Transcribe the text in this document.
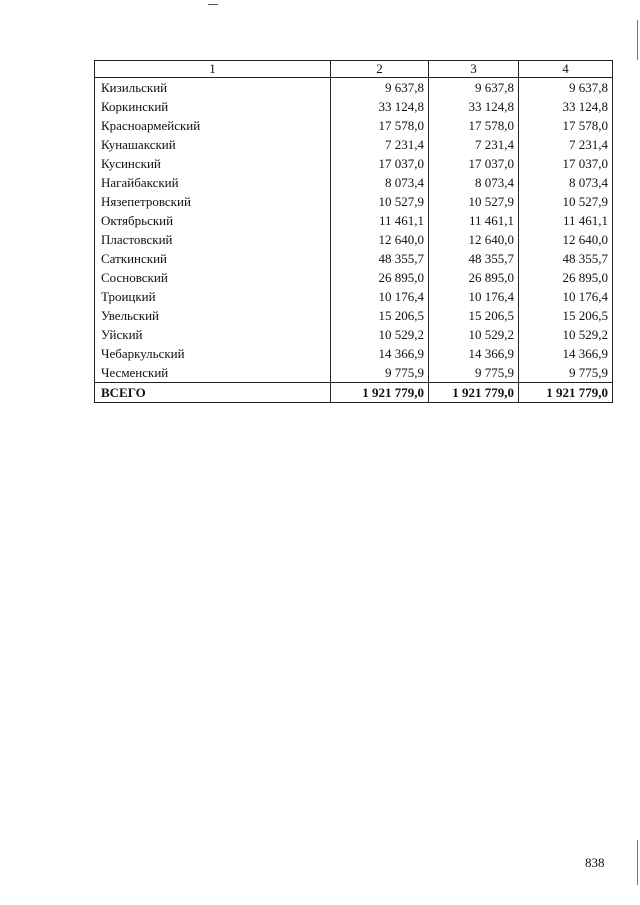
1	2	3	4
Кизильский	9 637,8	9 637,8	9 637,8
Коркинский	33 124,8	33 124,8	33 124,8
Красноармейский	17 578,0	17 578,0	17 578,0
Кунашакский	7 231,4	7 231,4	7 231,4
Кусинский	17 037,0	17 037,0	17 037,0
Нагайбакский	8 073,4	8 073,4	8 073,4
Нязепетровский	10 527,9	10 527,9	10 527,9
Октябрьский	11 461,1	11 461,1	11 461,1
Пластовский	12 640,0	12 640,0	12 640,0
Саткинский	48 355,7	48 355,7	48 355,7
Сосновский	26 895,0	26 895,0	26 895,0
Троицкий	10 176,4	10 176,4	10 176,4
Увельский	15 206,5	15 206,5	15 206,5
Уйский	10 529,2	10 529,2	10 529,2
Чебаркульский	14 366,9	14 366,9	14 366,9
Чесменский	9 775,9	9 775,9	9 775,9
ВСЕГО	1 921 779,0	1 921 779,0	1 921 779,0
838
